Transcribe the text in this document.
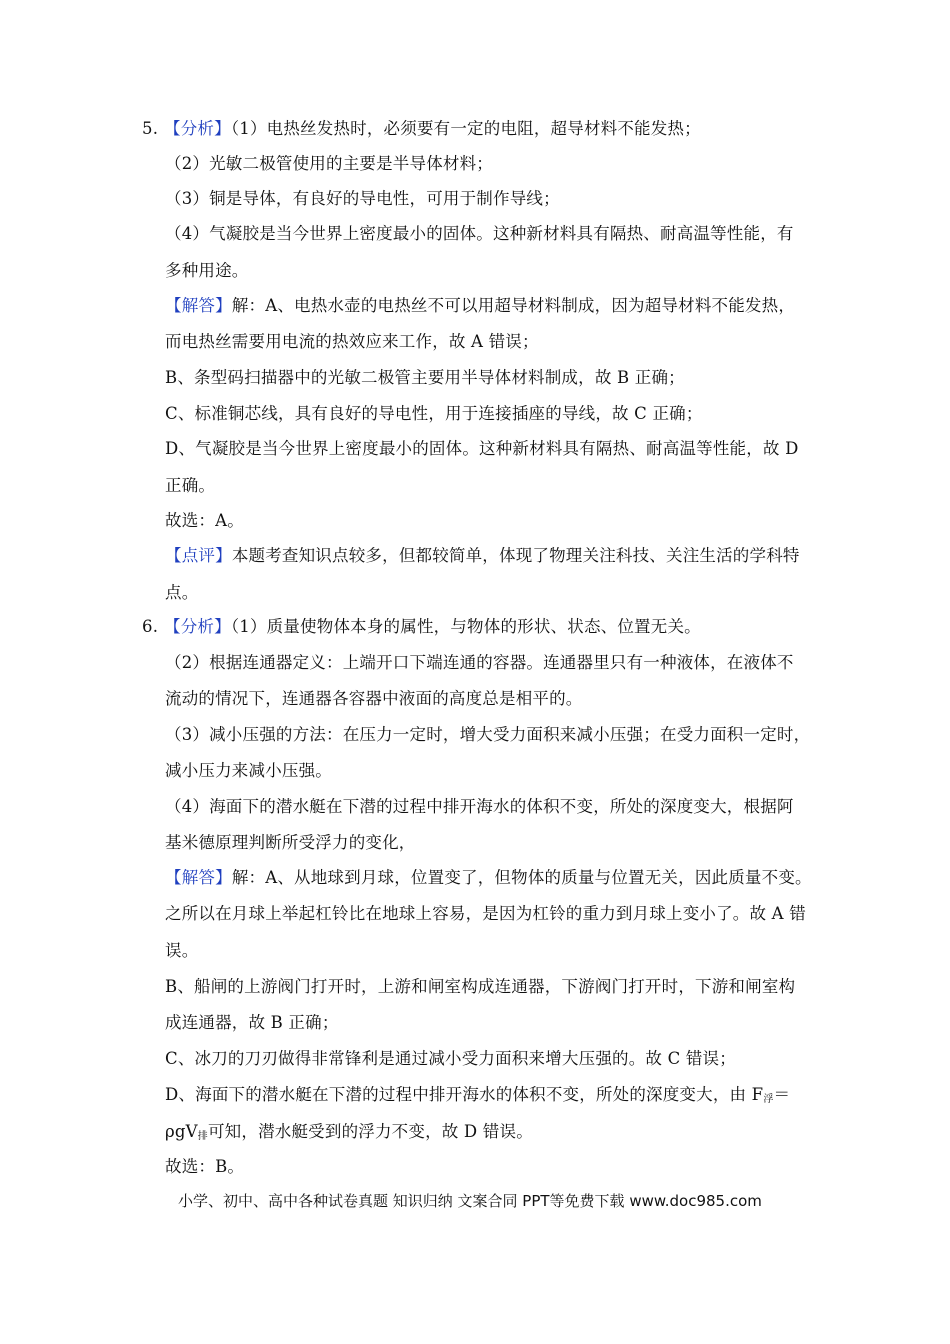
5. 【分析】（1）电热丝发热时，必须要有一定的电阻，超导材料不能发热；
（2）光敏二极管使用的主要是半导体材料；
（3）铜是导体，有良好的导电性，可用于制作导线；
（4）气凝胶是当今世界上密度最小的固体。这种新材料具有隔热、耐高温等性能，有
多种用途。
【解答】解：A、电热水壶的电热丝不可以用超导材料制成，因为超导材料不能发热，
而电热丝需要用电流的热效应来工作，故 A 错误；
B、条型码扫描器中的光敏二极管主要用半导体材料制成，故 B 正确；
C、标准铜芯线，具有良好的导电性，用于连接插座的导线，故 C 正确；
D、气凝胶是当今世界上密度最小的固体。这种新材料具有隔热、耐高温等性能，故 D
正确。
故选：A。
【点评】本题考查知识点较多，但都较简单，体现了物理关注科技、关注生活的学科特
点。
6. 【分析】（1）质量使物体本身的属性，与物体的形状、状态、位置无关。
（2）根据连通器定义：上端开口下端连通的容器。连通器里只有一种液体，在液体不
流动的情况下，连通器各容器中液面的高度总是相平的。
（3）减小压强的方法：在压力一定时，增大受力面积来减小压强；在受力面积一定时，
减小压力来减小压强。
（4）海面下的潜水艇在下潜的过程中排开海水的体积不变，所处的深度变大，根据阿
基米德原理判断所受浮力的变化，
【解答】解：A、从地球到月球，位置变了，但物体的质量与位置无关，因此质量不变。
之所以在月球上举起杠铃比在地球上容易，是因为杠铃的重力到月球上变小了。故 A 错
误。
B、船闸的上游阀门打开时，上游和闸室构成连通器，下游阀门打开时，下游和闸室构
成连通器，故 B 正确；
C、冰刀的刀刃做得非常锋利是通过减小受力面积来增大压强的。故 C 错误；
D、海面下的潜水艇在下潜的过程中排开海水的体积不变，所处的深度变大，由 $F_浮=$
ρgV$_排$可知，潜水艇受到的浮力不变，故 D 错误。
故选：B。
小学、初中、高中各种试卷真题 知识归纳 文案合同 PPT等免费下载 www.doc985.com
